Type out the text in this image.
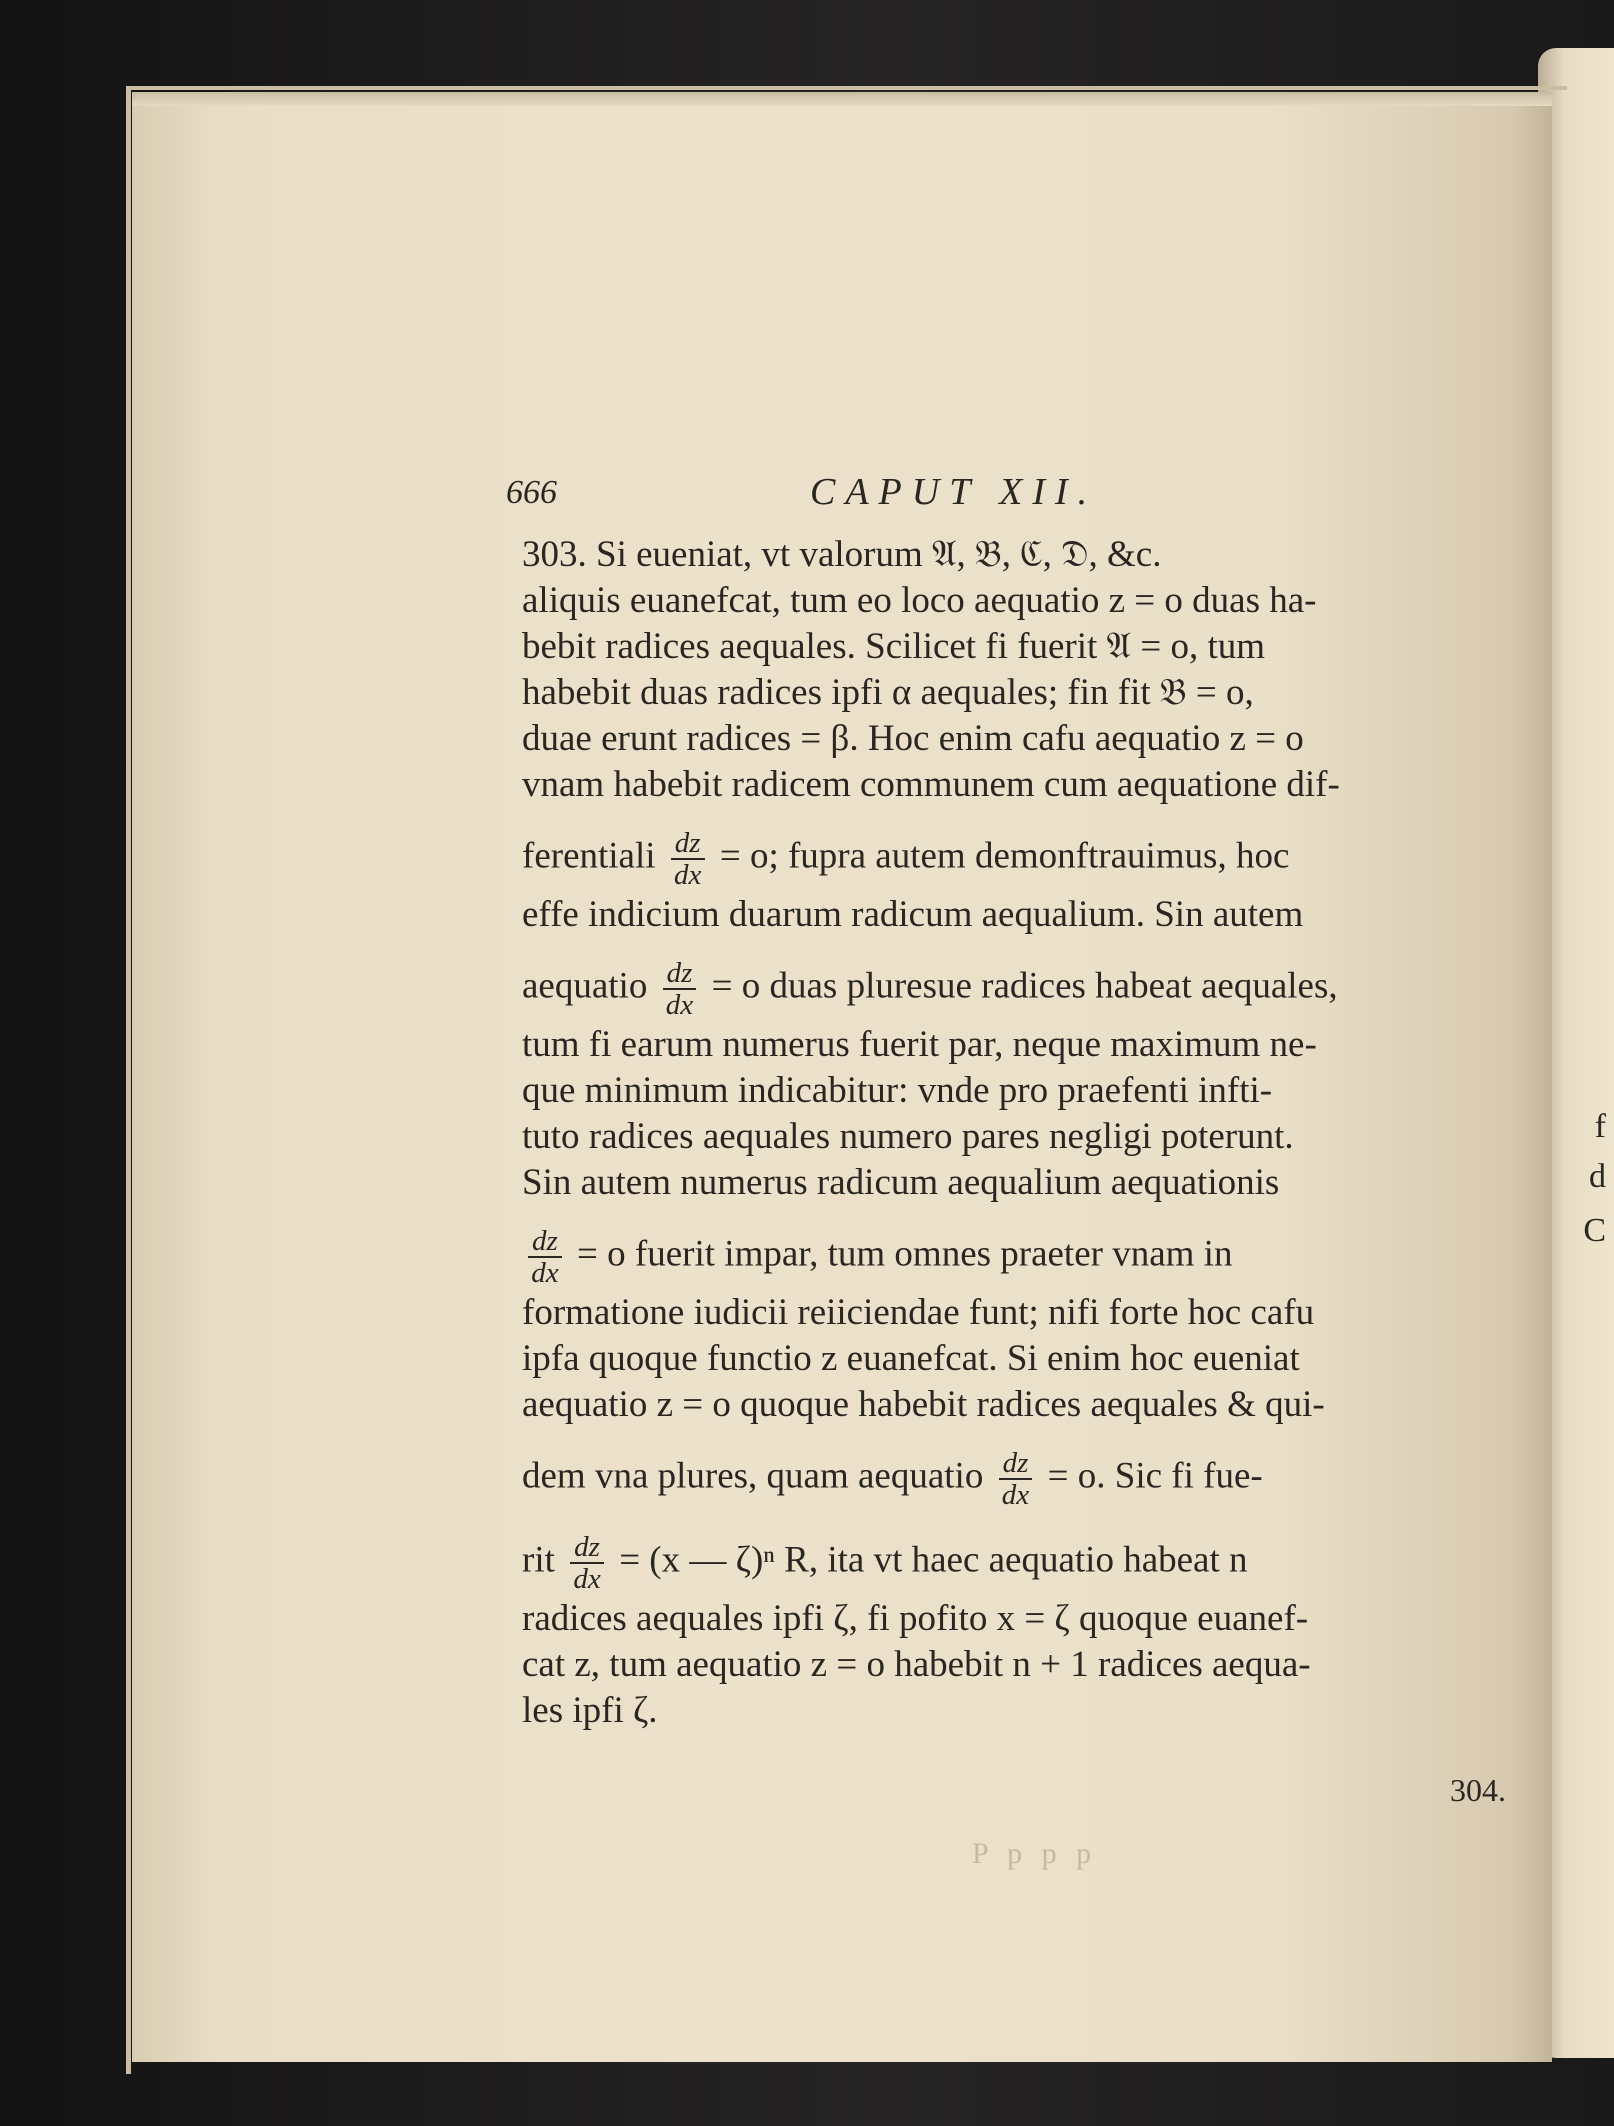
f
d
C
666	CAPUT XII.
303. Si eueniat, vt valorum 𝔄, 𝔅, ℭ, 𝔇, &c.
aliquis euanefcat, tum eo loco aequatio z = o duas ha-
bebit radices aequales. Scilicet fi fuerit 𝔄 = o, tum
habebit duas radices ipfi α aequales; fin fit 𝔅 = o,
duae erunt radices = β. Hoc enim cafu aequatio z = o
vnam habebit radicem communem cum aequatione dif-
ferentiali $\frac{dz}{dx} = o$; fupra autem demonftrauimus, hoc
effe indicium duarum radicum aequalium. Sin autem
aequatio $\frac{dz}{dx} = o$ duas pluresue radices habeat aequales,
tum fi earum numerus fuerit par, neque maximum ne-
que minimum indicabitur: vnde pro praefenti infti-
tuto radices aequales numero pares negligi poterunt.
Sin autem numerus radicum aequalium aequationis
$\frac{dz}{dx} = o$ fuerit impar, tum omnes praeter vnam in
formatione iudicii reiiciendae funt; nifi forte hoc cafu
ipfa quoque functio z euanefcat. Si enim hoc eueniat
aequatio z = o quoque habebit radices aequales & qui-
dem vna plures, quam aequatio $\frac{dz}{dx} = o$. Sic fi fue-
rit $\frac{dz}{dx} = (x$ — ζ)ⁿ R, ita vt haec aequatio habeat n
radices aequales ipfi ζ, fi pofito x = ζ quoque euanef-
cat z, tum aequatio z = o habebit n + 1 radices aequa-
les ipfi ζ.
304.
P p p p
